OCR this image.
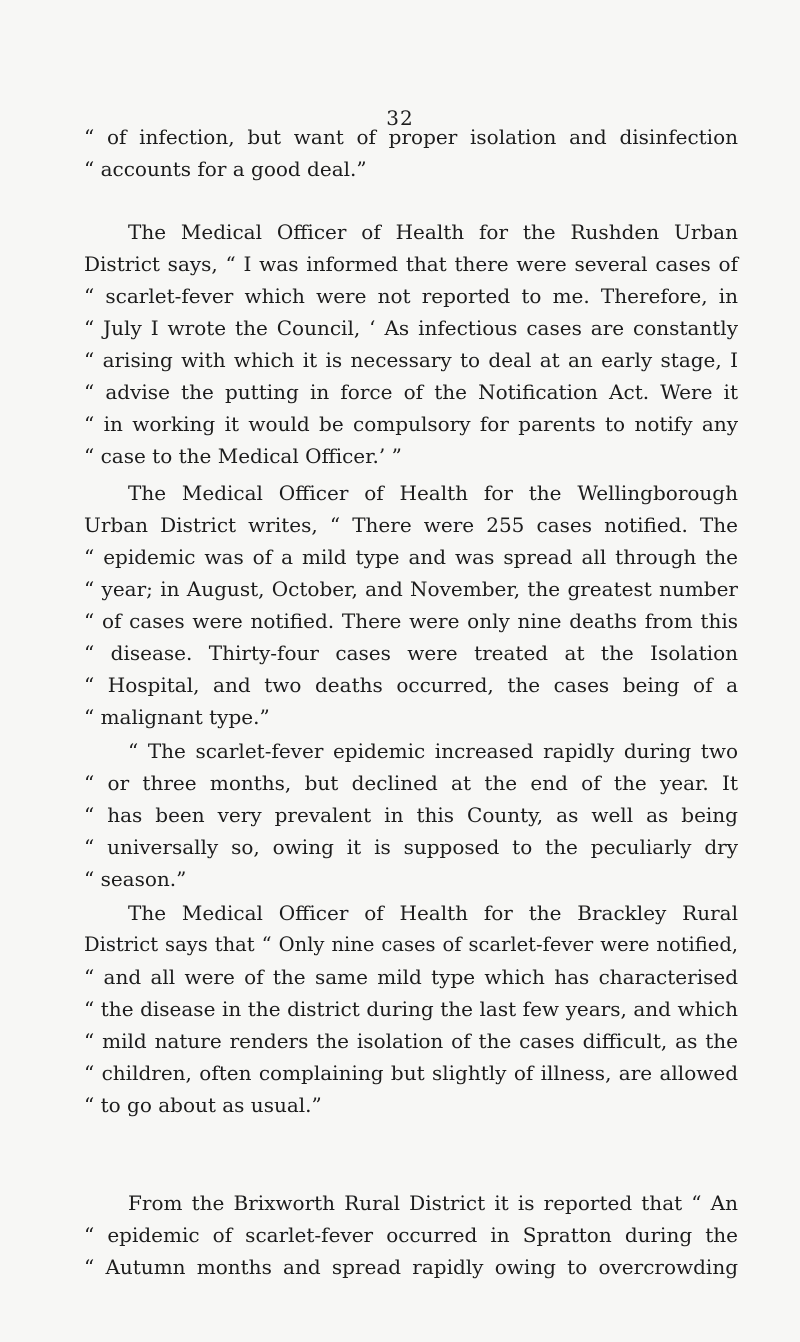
32
“ of infection, but want of proper isolation and disinfection
“ accounts for a good deal.”
The Medical Officer of Health for the Rushden Urban
District says, “ I was informed that there were several cases of
“ scarlet-fever which were not reported to me. Therefore, in
“ July I wrote the Council, ‘ As infectious cases are constantly
“ arising with which it is necessary to deal at an early stage, I
“ advise the putting in force of the Notification Act. Were it
“ in working it would be compulsory for parents to notify any
“ case to the Medical Officer.’ ”
The Medical Officer of Health for the Wellingborough
Urban District writes, “ There were 255 cases notified. The
“ epidemic was of a mild type and was spread all through the
“ year; in August, October, and November, the greatest number
“ of cases were notified. There were only nine deaths from this
“ disease. Thirty-four cases were treated at the Isolation
“ Hospital, and two deaths occurred, the cases being of a
“ malignant type.”
“ The scarlet-fever epidemic increased rapidly during two
“ or three months, but declined at the end of the year. It
“ has been very prevalent in this County, as well as being
“ universally so, owing it is supposed to the peculiarly dry
“ season.”
The Medical Officer of Health for the Brackley Rural
District says that “ Only nine cases of scarlet-fever were notified,
“ and all were of the same mild type which has characterised
“ the disease in the district during the last few years, and which
“ mild nature renders the isolation of the cases difficult, as the
“ children, often complaining but slightly of illness, are allowed
“ to go about as usual.”
From the Brixworth Rural District it is reported that “ An
“ epidemic of scarlet-fever occurred in Spratton during the
“ Autumn months and spread rapidly owing to overcrowding
